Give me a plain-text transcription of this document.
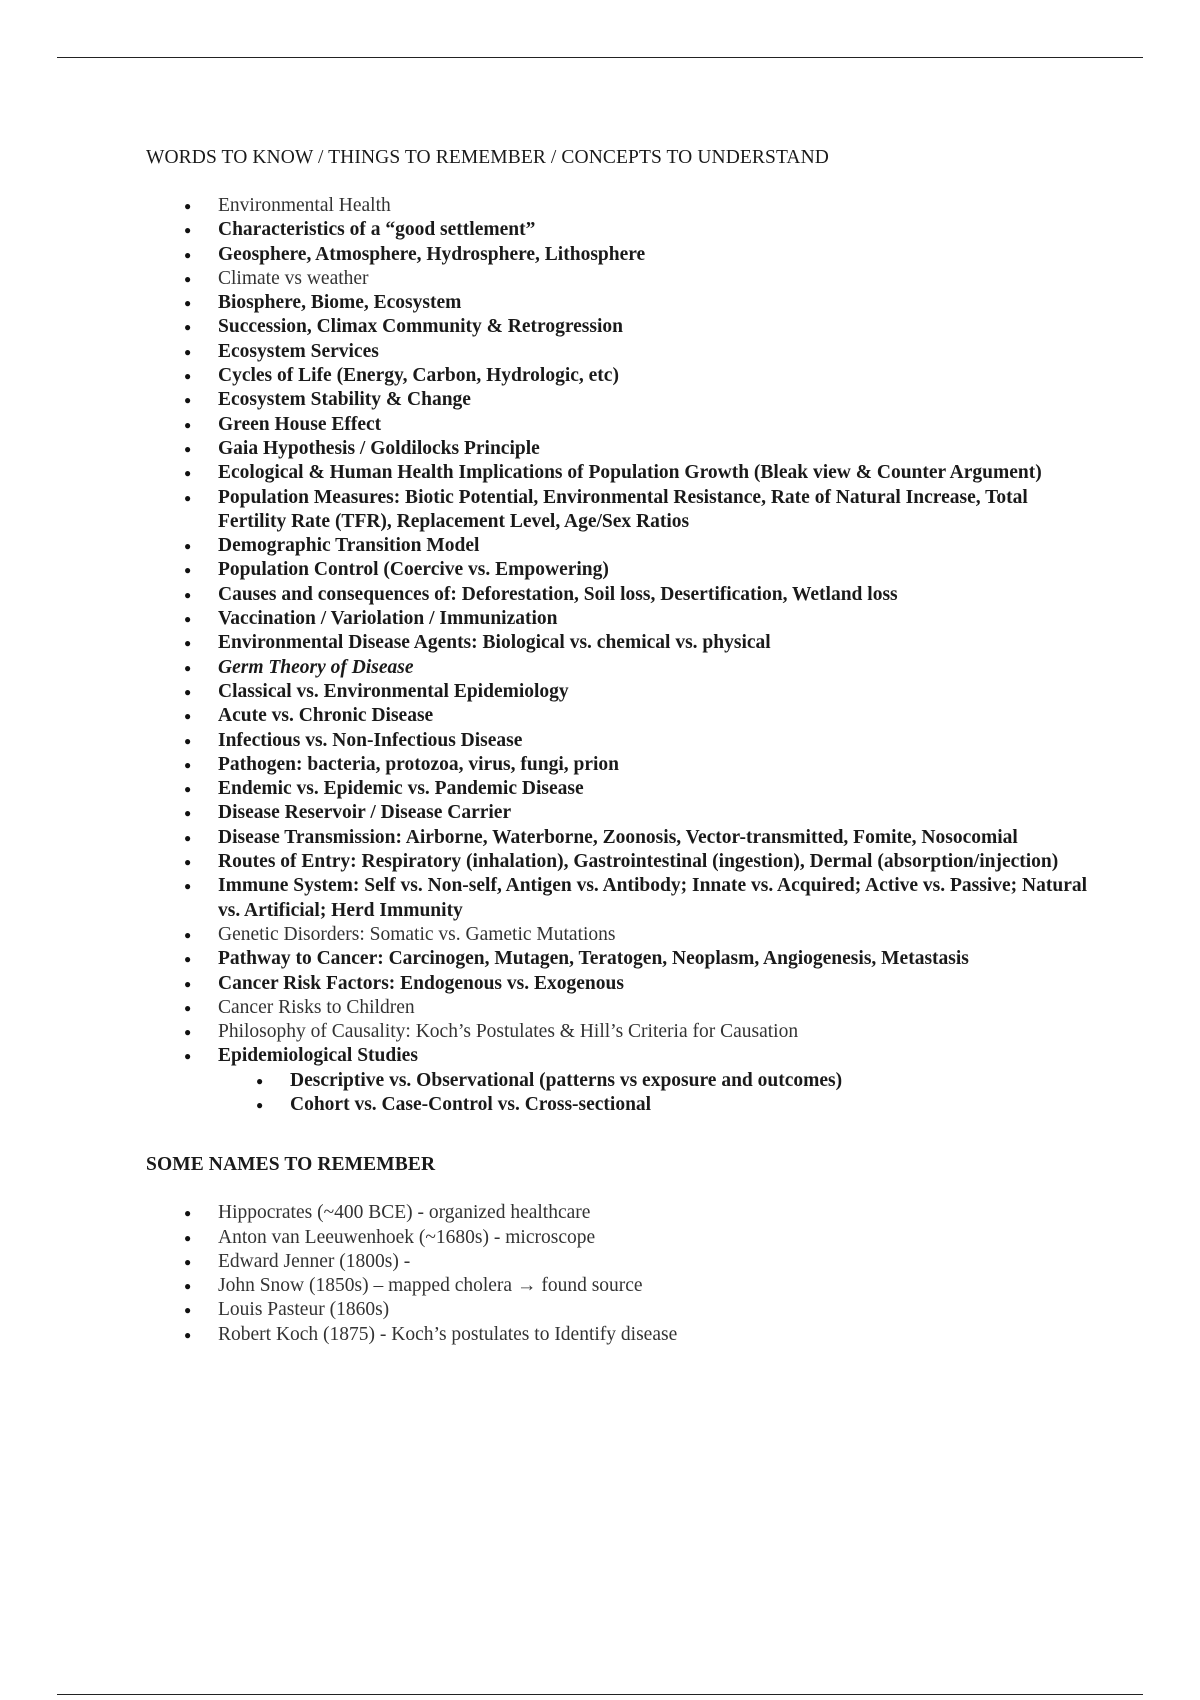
WORDS TO KNOW / THINGS TO REMEMBER / CONCEPTS TO UNDERSTAND
● Environmental Health
● Characteristics of a “good settlement”
● Geosphere, Atmosphere, Hydrosphere, Lithosphere
● Climate vs weather
● Biosphere, Biome, Ecosystem
● Succession, Climax Community & Retrogression
● Ecosystem Services
● Cycles of Life (Energy, Carbon, Hydrologic, etc)
● Ecosystem Stability & Change
● Green House Effect
● Gaia Hypothesis / Goldilocks Principle
● Ecological & Human Health Implications of Population Growth (Bleak view & Counter Argument)
● Population Measures: Biotic Potential, Environmental Resistance, Rate of Natural Increase, Total Fertility Rate (TFR), Replacement Level, Age/Sex Ratios
● Demographic Transition Model
● Population Control (Coercive vs. Empowering)
● Causes and consequences of: Deforestation, Soil loss, Desertification, Wetland loss
● Vaccination / Variolation / Immunization
● Environmental Disease Agents: Biological vs. chemical vs. physical
● Germ Theory of Disease
● Classical vs. Environmental Epidemiology
● Acute vs. Chronic Disease
● Infectious vs. Non-Infectious Disease
● Pathogen: bacteria, protozoa, virus, fungi, prion
● Endemic vs. Epidemic vs. Pandemic Disease
● Disease Reservoir / Disease Carrier
● Disease Transmission: Airborne, Waterborne, Zoonosis, Vector-transmitted, Fomite, Nosocomial
● Routes of Entry: Respiratory (inhalation), Gastrointestinal (ingestion), Dermal (absorption/injection)
● Immune System: Self vs. Non-self, Antigen vs. Antibody; Innate vs. Acquired; Active vs. Passive; Natural vs. Artificial; Herd Immunity
● Genetic Disorders: Somatic vs. Gametic Mutations
● Pathway to Cancer: Carcinogen, Mutagen, Teratogen, Neoplasm, Angiogenesis, Metastasis
● Cancer Risk Factors: Endogenous vs. Exogenous
● Cancer Risks to Children
● Philosophy of Causality: Koch’s Postulates & Hill’s Criteria for Causation
● Epidemiological Studies
● Descriptive vs. Observational (patterns vs exposure and outcomes)
● Cohort vs. Case-Control vs. Cross-sectional
SOME NAMES TO REMEMBER
● Hippocrates (~400 BCE) - organized healthcare
● Anton van Leeuwenhoek (~1680s) - microscope
● Edward Jenner (1800s) -
● John Snow (1850s) – mapped cholera → found source
● Louis Pasteur (1860s)
● Robert Koch (1875) - Koch’s postulates to Identify disease
